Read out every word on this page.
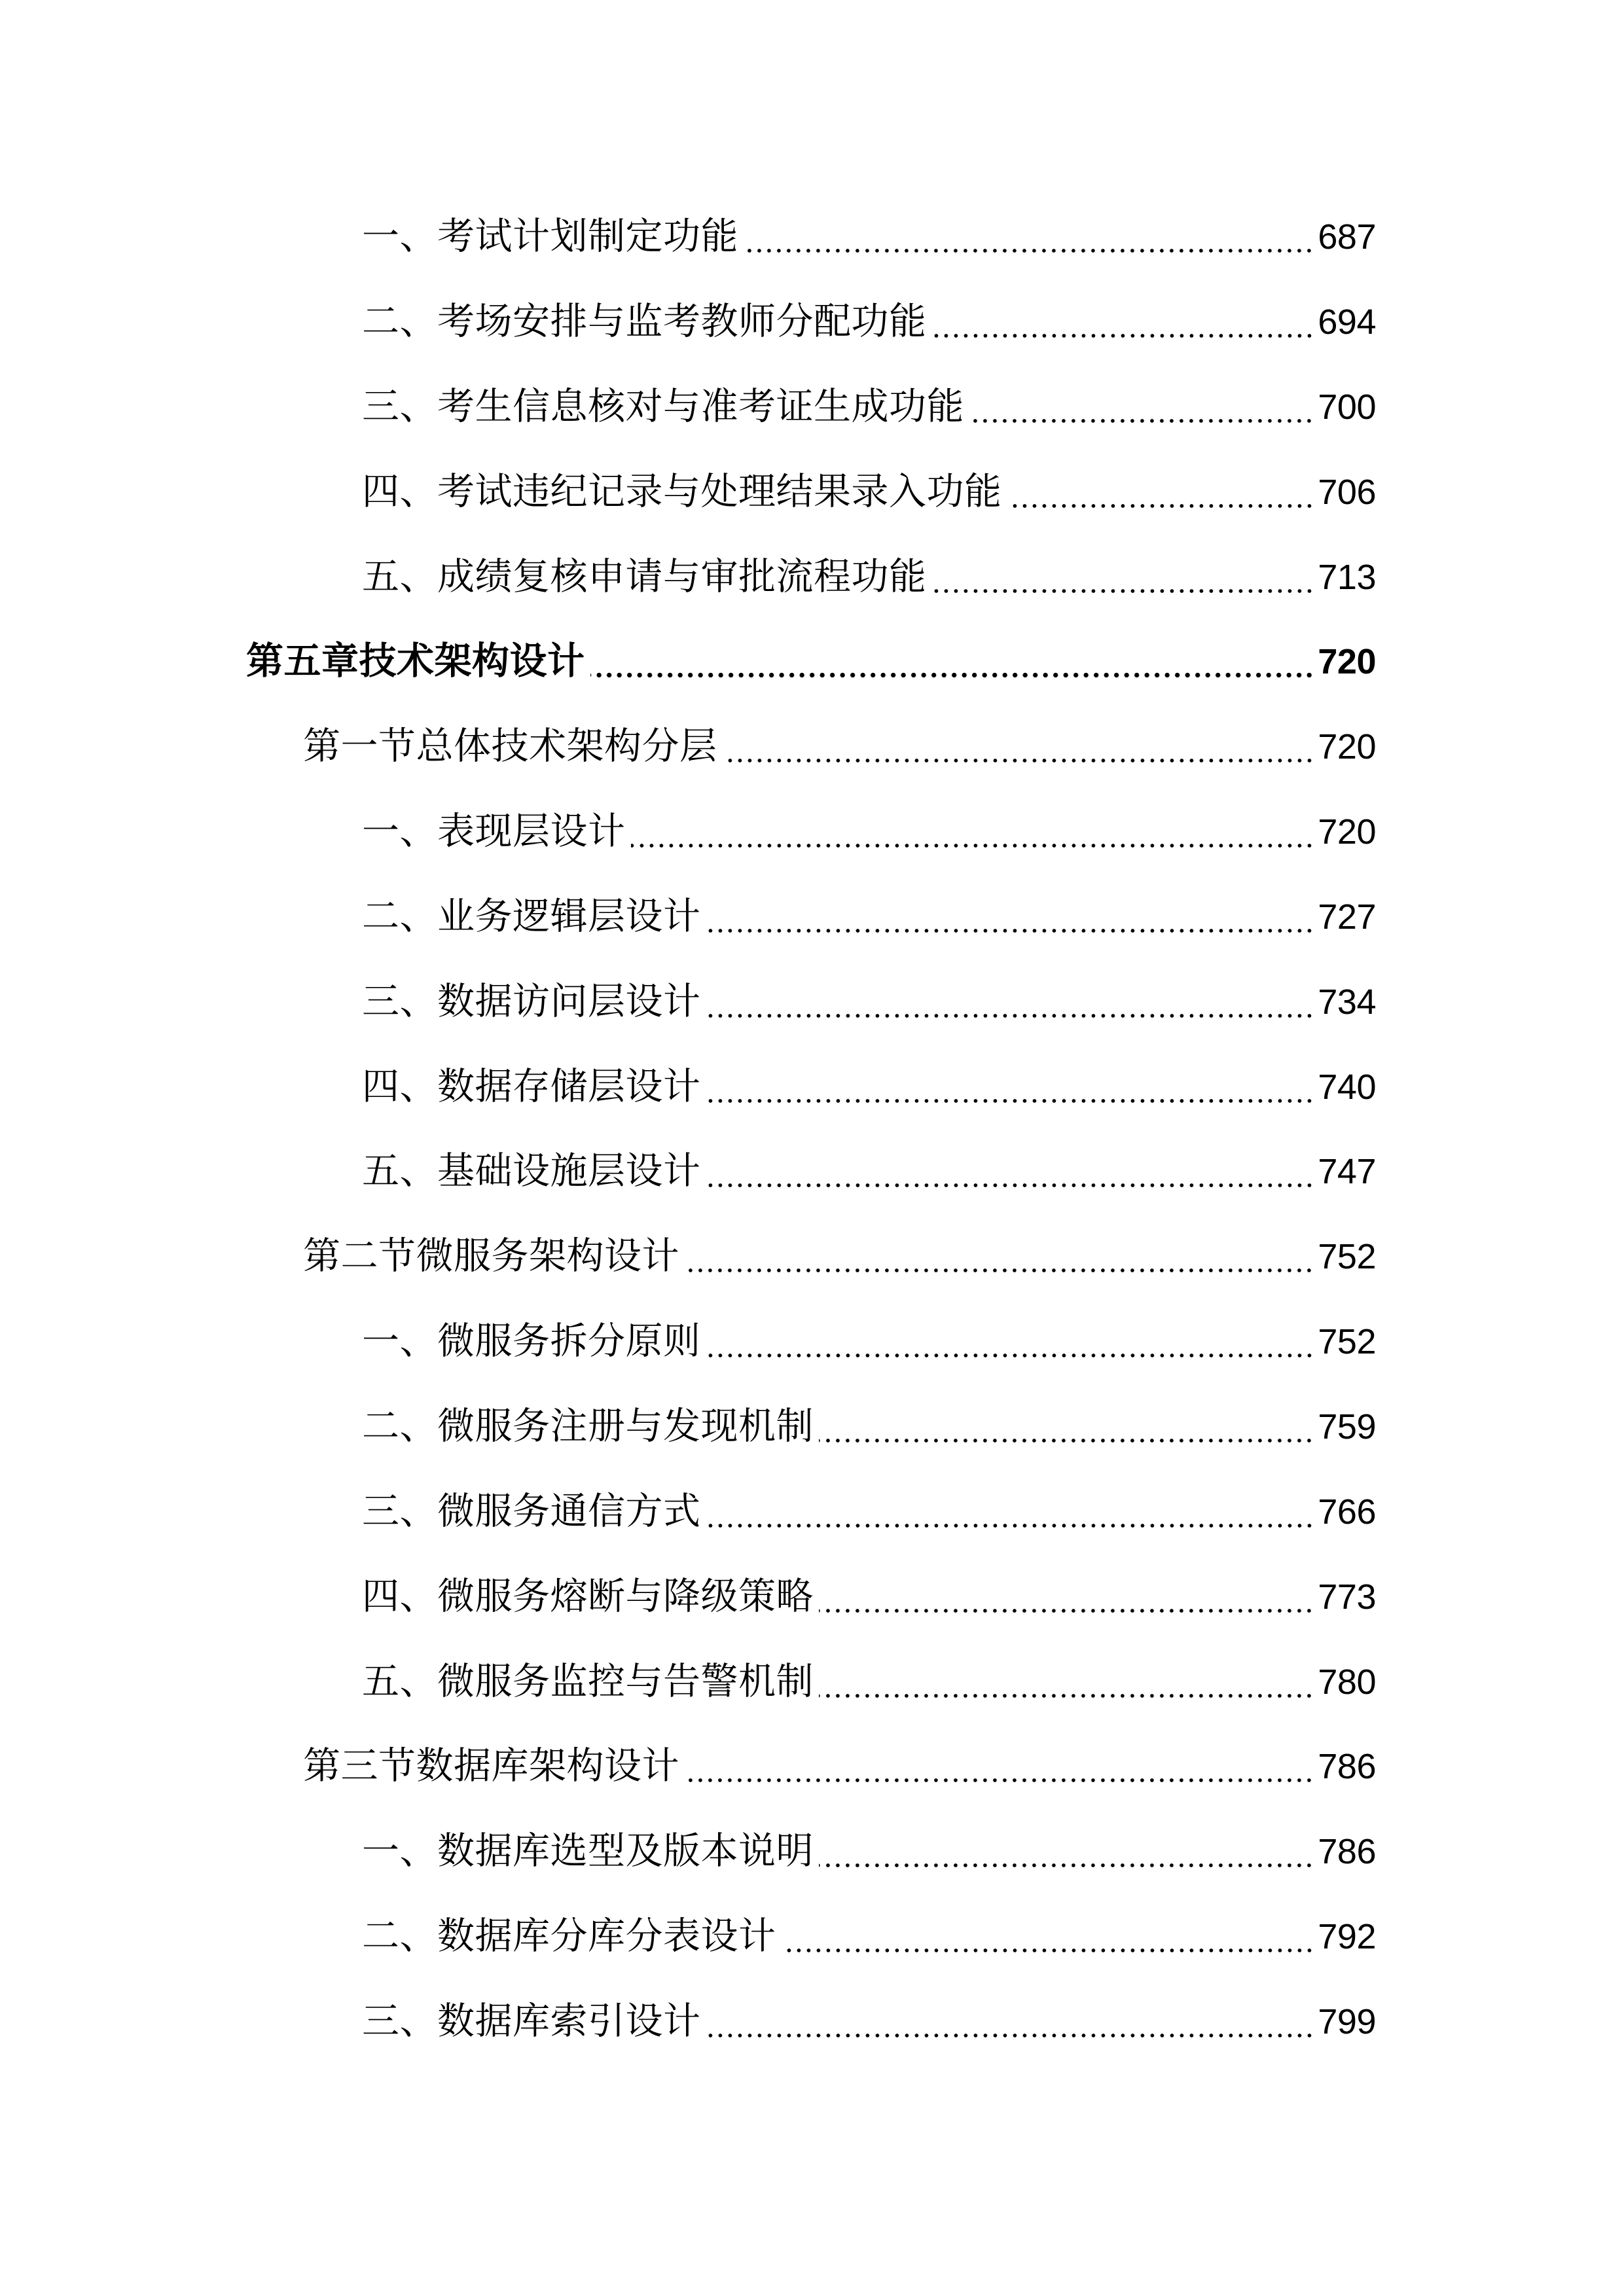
一、考试计划制定功能	687
二、考场安排与监考教师分配功能	694
三、考生信息核对与准考证生成功能	700
四、考试违纪记录与处理结果录入功能	706
五、成绩复核申请与审批流程功能	713
第五章技术架构设计	720
第一节总体技术架构分层	720
一、表现层设计	720
二、业务逻辑层设计	727
三、数据访问层设计	734
四、数据存储层设计	740
五、基础设施层设计	747
第二节微服务架构设计	752
一、微服务拆分原则	752
二、微服务注册与发现机制	759
三、微服务通信方式	766
四、微服务熔断与降级策略	773
五、微服务监控与告警机制	780
第三节数据库架构设计	786
一、数据库选型及版本说明	786
二、数据库分库分表设计	792
三、数据库索引设计	799
